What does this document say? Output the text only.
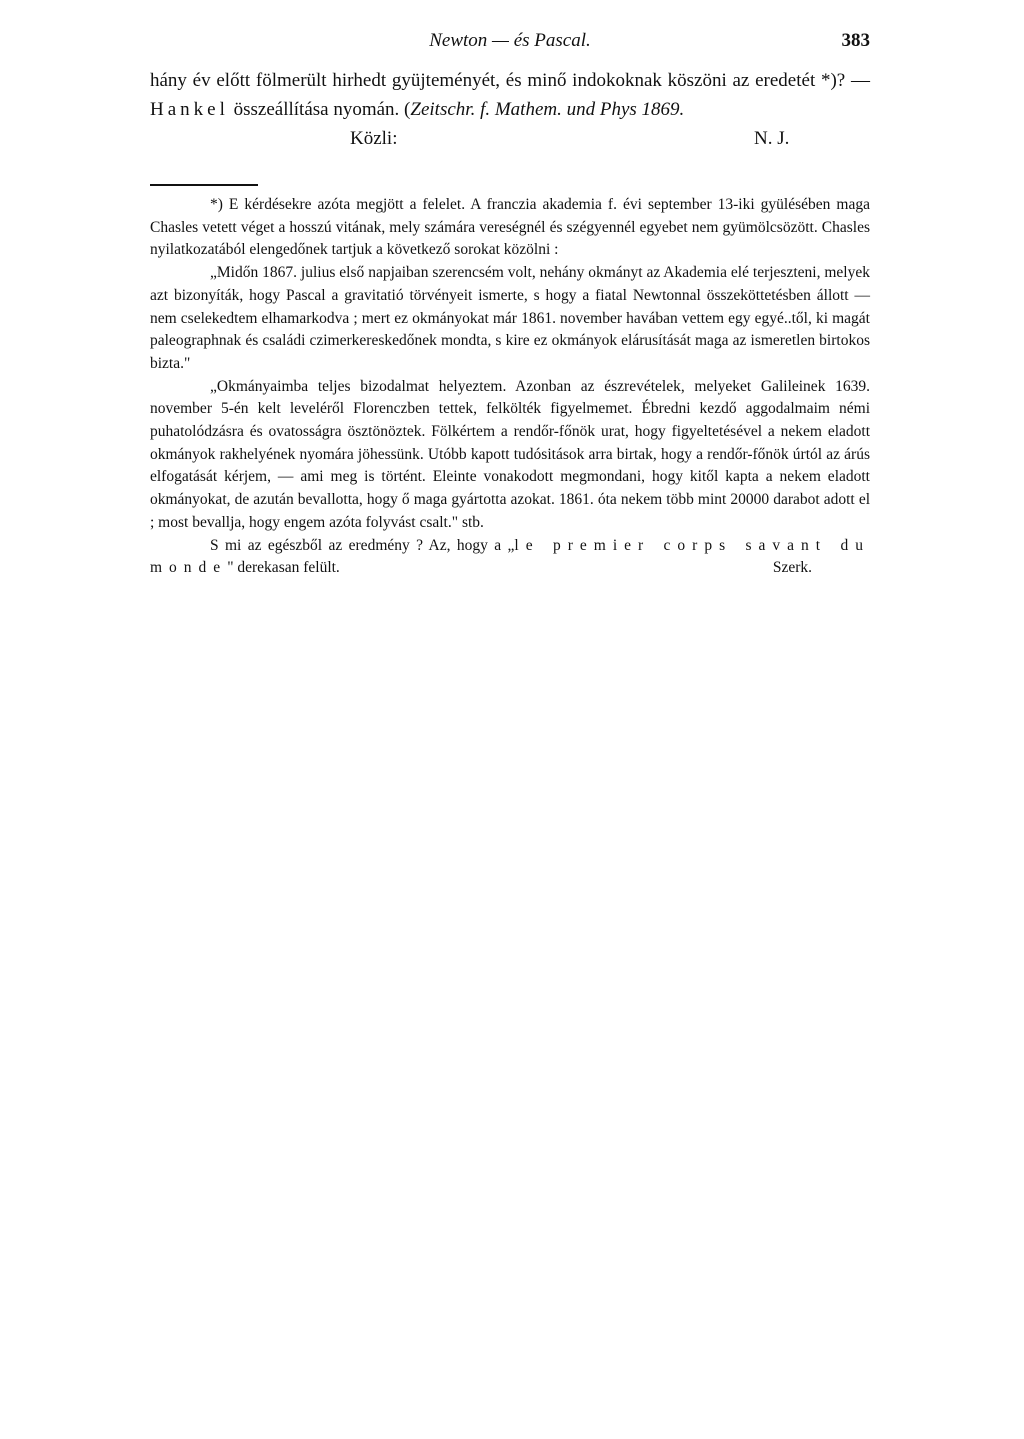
Newton — és Pascal.	383

hány év előtt fölmerült hirhedt gyüjteményét, és minő indokoknak köszöni az eredetét *)? — Hankel összeállítása nyomán. (Zeitschr. f. Mathem. und Phys 1869.

Közli:	N. J.

*) E kérdésekre azóta megjött a felelet. A franczia akademia f. évi september 13-iki gyülésében maga Chasles vetett véget a hosszú vitának, mely számára vereségnél és szégyennél egyebet nem gyümölcsözött. Chasles nyilatkozatából elengedőnek tartjuk a következő sorokat közölni :

„Midőn 1867. julius első napjaiban szerencsém volt, nehány okmányt az Akademia elé terjeszteni, melyek azt bizonyíták, hogy Pascal a gravitatió törvényeit ismerte, s hogy a fiatal Newtonnal összeköttetésben állott — nem cselekedtem elhamarkodva ; mert ez okmányokat már 1861. november havában vettem egy egyé..től, ki magát paleographnak és családi czimerkereskedőnek mondta, s kire ez okmányok elárusítását maga az ismeretlen birtokos bizta."

„Okmányaimba teljes bizodalmat helyeztem. Azonban az észrevételek, melyeket Galileinek 1639. november 5-én kelt leveléről Florenczben tettek, felkölték figyelmemet. Ébredni kezdő aggodalmaim némi puhatolódzásra és ovatosságra ösztönöztek. Fölkértem a rendőr-főnök urat, hogy figyeltetésével a nekem eladott okmányok rakhelyének nyomára jöhessünk. Utóbb kapott tudósitások arra birtak, hogy a rendőr-főnök úrtól az árús elfogatását kérjem, — ami meg is történt. Eleinte vonakodott megmondani, hogy kitől kapta a nekem eladott okmányokat, de azután bevallotta, hogy ő maga gyártotta azokat. 1861. óta nekem több mint 20000 darabot adott el ; most bevallja, hogy engem azóta folyvást csalt." stb.

S mi az egészből az eredmény ? Az, hogy a „le premier corps savant du monde" derekasan felült.	Szerk.
